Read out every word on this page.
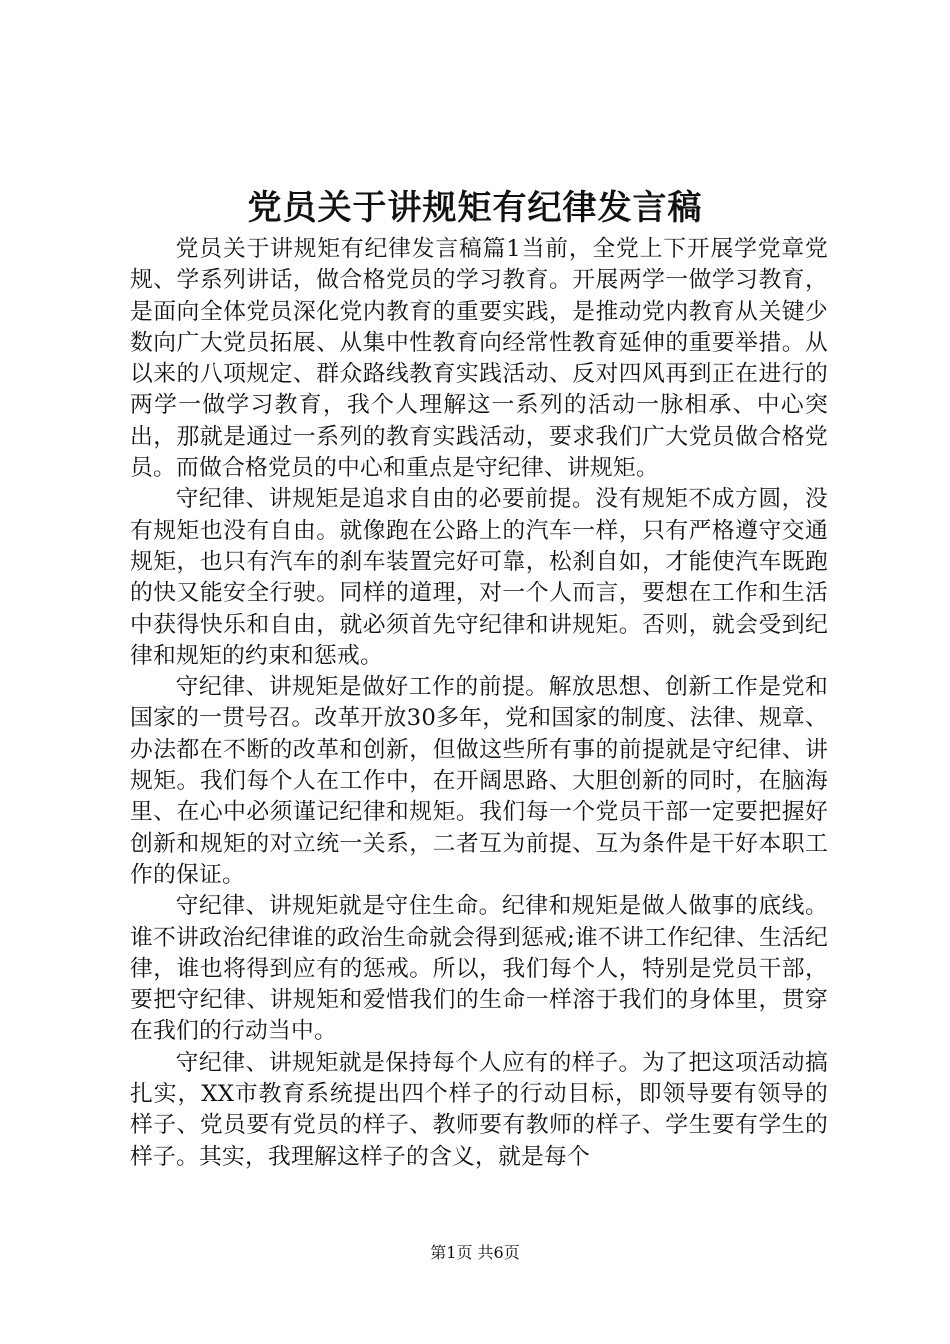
党员关于讲规矩有纪律发言稿

党员关于讲规矩有纪律发言稿篇1当前，全党上下开展学党章党规、学系列讲话，做合格党员的学习教育。开展两学一做学习教育，是面向全体党员深化党内教育的重要实践，是推动党内教育从关键少数向广大党员拓展、从集中性教育向经常性教育延伸的重要举措。从以来的八项规定、群众路线教育实践活动、反对四风再到正在进行的两学一做学习教育，我个人理解这一系列的活动一脉相承、中心突出，那就是通过一系列的教育实践活动，要求我们广大党员做合格党员。而做合格党员的中心和重点是守纪律、讲规矩。

守纪律、讲规矩是追求自由的必要前提。没有规矩不成方圆，没有规矩也没有自由。就像跑在公路上的汽车一样，只有严格遵守交通规矩，也只有汽车的刹车装置完好可靠，松刹自如，才能使汽车既跑的快又能安全行驶。同样的道理，对一个人而言，要想在工作和生活中获得快乐和自由，就必须首先守纪律和讲规矩。否则，就会受到纪律和规矩的约束和惩戒。

守纪律、讲规矩是做好工作的前提。解放思想、创新工作是党和国家的一贯号召。改革开放30多年，党和国家的制度、法律、规章、办法都在不断的改革和创新，但做这些所有事的前提就是守纪律、讲规矩。我们每个人在工作中，在开阔思路、大胆创新的同时，在脑海里、在心中必须谨记纪律和规矩。我们每一个党员干部一定要把握好创新和规矩的对立统一关系，二者互为前提、互为条件是干好本职工作的保证。

守纪律、讲规矩就是守住生命。纪律和规矩是做人做事的底线。谁不讲政治纪律谁的政治生命就会得到惩戒;谁不讲工作纪律、生活纪律，谁也将得到应有的惩戒。所以，我们每个人，特别是党员干部，要把守纪律、讲规矩和爱惜我们的生命一样溶于我们的身体里，贯穿在我们的行动当中。

守纪律、讲规矩就是保持每个人应有的样子。为了把这项活动搞扎实，XX市教育系统提出四个样子的行动目标，即领导要有领导的样子、党员要有党员的样子、教师要有教师的样子、学生要有学生的样子。其实，我理解这样子的含义，就是每个

第1页 共6页
